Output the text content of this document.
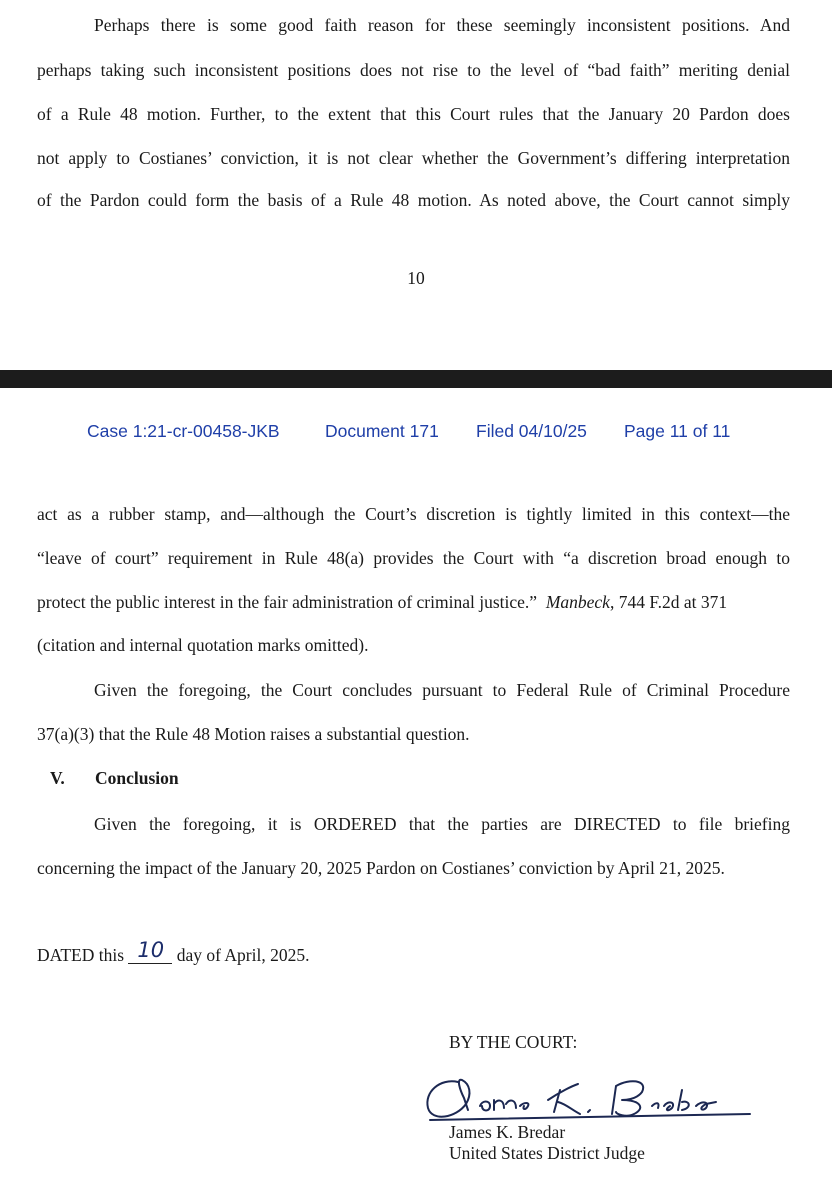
Perhaps there is some good faith reason for these seemingly inconsistent positions. And
perhaps taking such inconsistent positions does not rise to the level of “bad faith” meriting denial
of a Rule 48 motion. Further, to the extent that this Court rules that the January 20 Pardon does
not apply to Costianes’ conviction, it is not clear whether the Government’s differing interpretation
of the Pardon could form the basis of a Rule 48 motion. As noted above, the Court cannot simply
10
Case 1:21-cr-00458-JKB	Document 171 Filed 04/10/25 Page 11 of 11
act as a rubber stamp, and—although the Court’s discretion is tightly limited in this context—the
“leave of court” requirement in Rule 48(a) provides the Court with “a discretion broad enough to
protect the public interest in the fair administration of criminal justice.” Manbeck, 744 F.2d at 371
(citation and internal quotation marks omitted).
Given the foregoing, the Court concludes pursuant to Federal Rule of Criminal Procedure
37(a)(3) that the Rule 48 Motion raises a substantial question.
V. Conclusion
Given the foregoing, it is ORDERED that the parties are DIRECTED to file briefing
concerning the impact of the January 20, 2025 Pardon on Costianes’ conviction by April 21, 2025.
DATED this 10 day of April, 2025.
BY THE COURT:
James K. Bredar
United States District Judge
